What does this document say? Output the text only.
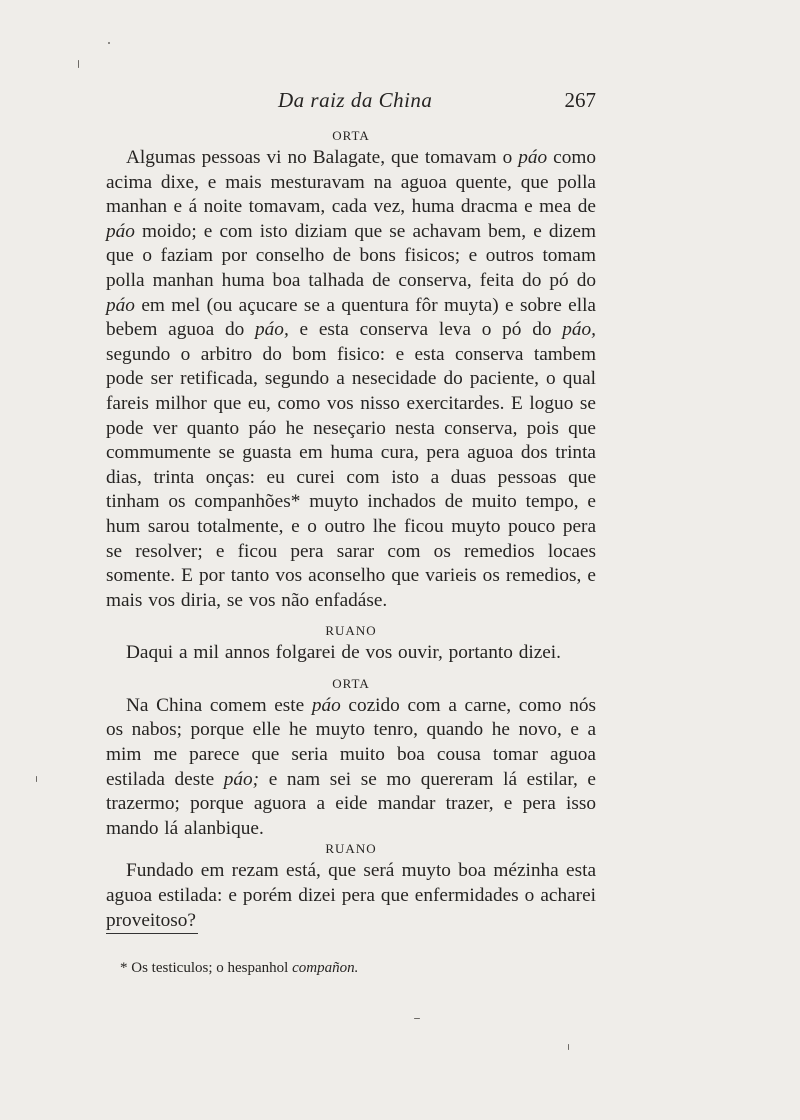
Da raiz da China	267

ORTA

Algumas pessoas vi no Balagate, que tomavam o páo como acima dixe, e mais mesturavam na aguoa quente, que polla manhan e á noite tomavam, cada vez, huma dracma e mea de páo moido; e com isto diziam que se achavam bem, e dizem que o faziam por conselho de bons fisicos; e outros tomam polla manhan huma boa talhada de conserva, feita do pó do páo em mel (ou açucare se a quentura fôr muyta) e sobre ella bebem aguoa do páo, e esta conserva leva o pó do páo, segundo o arbitro do bom fisico: e esta conserva tambem pode ser retificada, segundo a nesecidade do paciente, o qual fareis milhor que eu, como vos nisso exercitardes. E loguo se pode ver quanto páo he neseçario nesta conserva, pois que commumente se guasta em huma cura, pera aguoa dos trinta dias, trinta onças: eu curei com isto a duas pessoas que tinham os companhões* muyto inchados de muito tempo, e hum sarou totalmente, e o outro lhe ficou muyto pouco pera se resolver; e ficou pera sarar com os remedios locaes somente. E por tanto vos aconselho que varieis os remedios, e mais vos diria, se vos não enfadáse.

RUANO

Daqui a mil annos folgarei de vos ouvir, portanto dizei.

ORTA

Na China comem este páo cozido com a carne, como nós os nabos; porque elle he muyto tenro, quando he novo, e a mim me parece que seria muito boa cousa tomar aguoa estilada deste páo; e nam sei se mo quereram lá estilar, e trazermo; porque aguora a eide mandar trazer, e pera isso mando lá alanbique.

RUANO

Fundado em rezam está, que será muyto boa mézinha esta aguoa estilada: e porém dizei pera que enfermidades o acharei proveitoso?

* Os testiculos; o hespanhol compañon.
